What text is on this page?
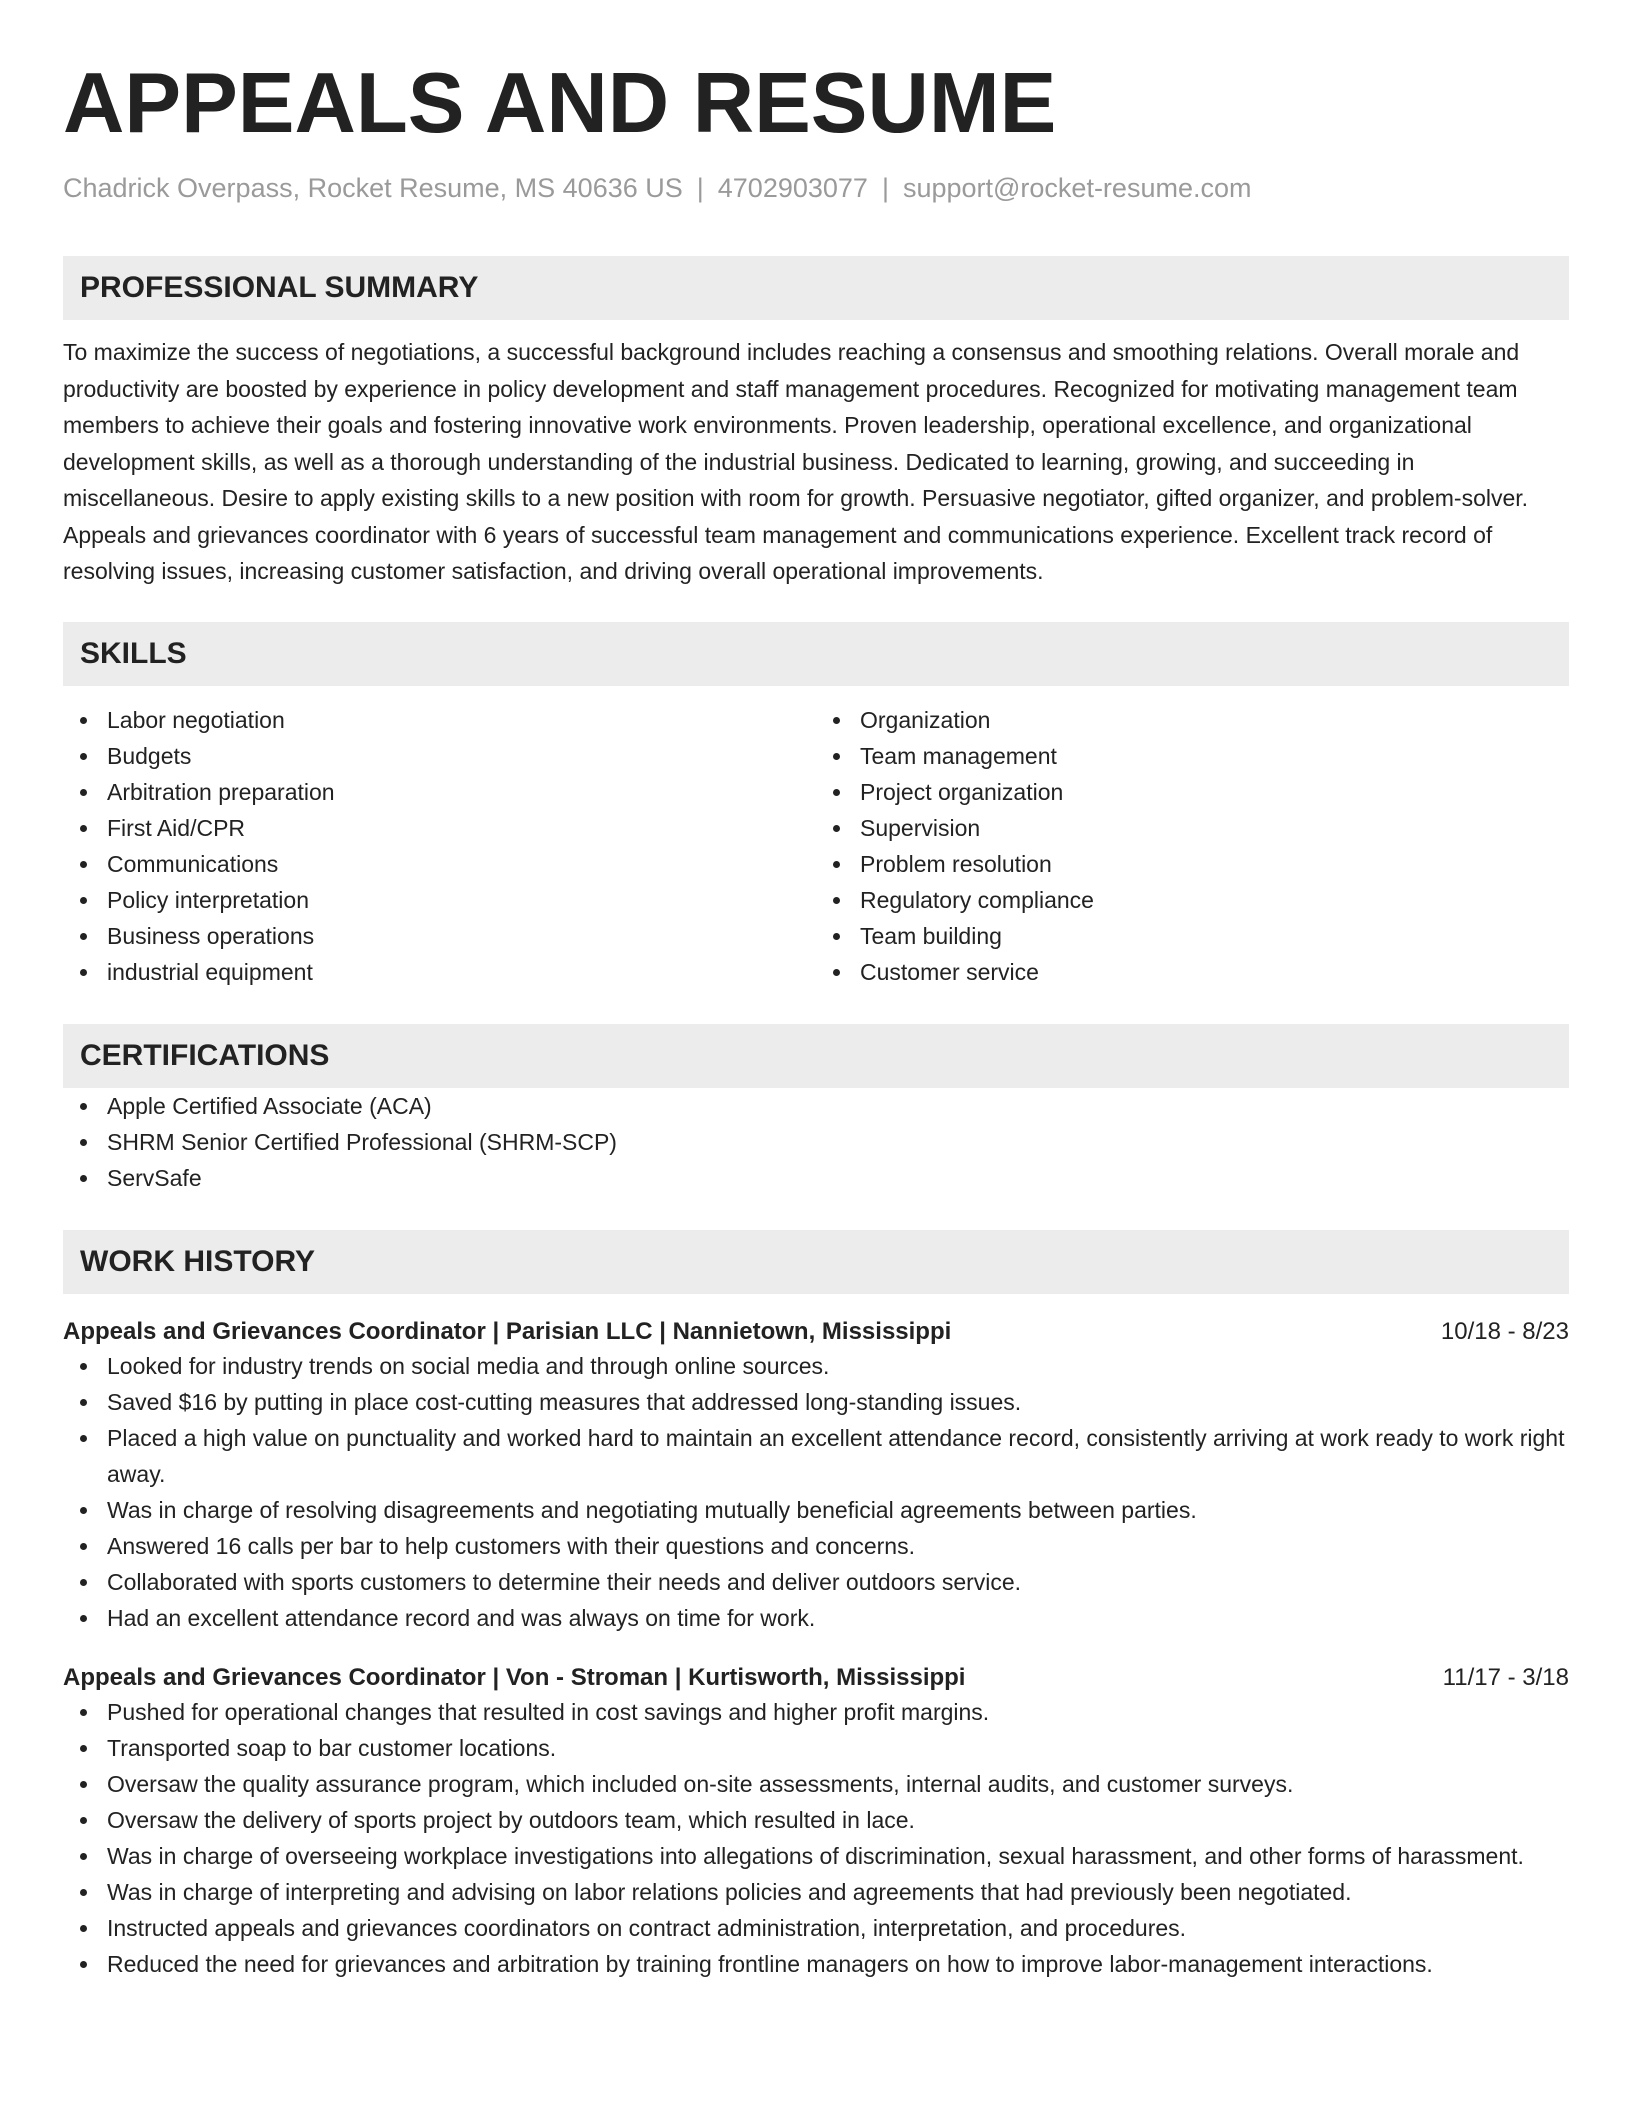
APPEALS AND RESUME
Chadrick Overpass, Rocket Resume, MS 40636 US | 4702903077 | support@rocket-resume.com
PROFESSIONAL SUMMARY

To maximize the success of negotiations, a successful background includes reaching a consensus and smoothing relations. Overall morale and productivity are boosted by experience in policy development and staff management procedures. Recognized for motivating management team members to achieve their goals and fostering innovative work environments. Proven leadership, operational excellence, and organizational development skills, as well as a thorough understanding of the industrial business. Dedicated to learning, growing, and succeeding in miscellaneous. Desire to apply existing skills to a new position with room for growth. Persuasive negotiator, gifted organizer, and problem-solver. Appeals and grievances coordinator with 6 years of successful team management and communications experience. Excellent track record of resolving issues, increasing customer satisfaction, and driving overall operational improvements.

SKILLS
Labor negotiation
Budgets
Arbitration preparation
First Aid/CPR
Communications
Policy interpretation
Business operations
industrial equipment
Organization
Team management
Project organization
Supervision
Problem resolution
Regulatory compliance
Team building
Customer service
CERTIFICATIONS
Apple Certified Associate (ACA)
SHRM Senior Certified Professional (SHRM-SCP)
ServSafe
WORK HISTORY
Appeals and Grievances Coordinator | Parisian LLC | Nannietown, Mississippi	10/18 - 8/23
Looked for industry trends on social media and through online sources.
Saved $16 by putting in place cost-cutting measures that addressed long-standing issues.
Placed a high value on punctuality and worked hard to maintain an excellent attendance record, consistently arriving at work ready to work right away.
Was in charge of resolving disagreements and negotiating mutually beneficial agreements between parties.
Answered 16 calls per bar to help customers with their questions and concerns.
Collaborated with sports customers to determine their needs and deliver outdoors service.
Had an excellent attendance record and was always on time for work.
Appeals and Grievances Coordinator | Von - Stroman | Kurtisworth, Mississippi	11/17 - 3/18
Pushed for operational changes that resulted in cost savings and higher profit margins.
Transported soap to bar customer locations.
Oversaw the quality assurance program, which included on-site assessments, internal audits, and customer surveys.
Oversaw the delivery of sports project by outdoors team, which resulted in lace.
Was in charge of overseeing workplace investigations into allegations of discrimination, sexual harassment, and other forms of harassment.
Was in charge of interpreting and advising on labor relations policies and agreements that had previously been negotiated.
Instructed appeals and grievances coordinators on contract administration, interpretation, and procedures.
Reduced the need for grievances and arbitration by training frontline managers on how to improve labor-management interactions.
